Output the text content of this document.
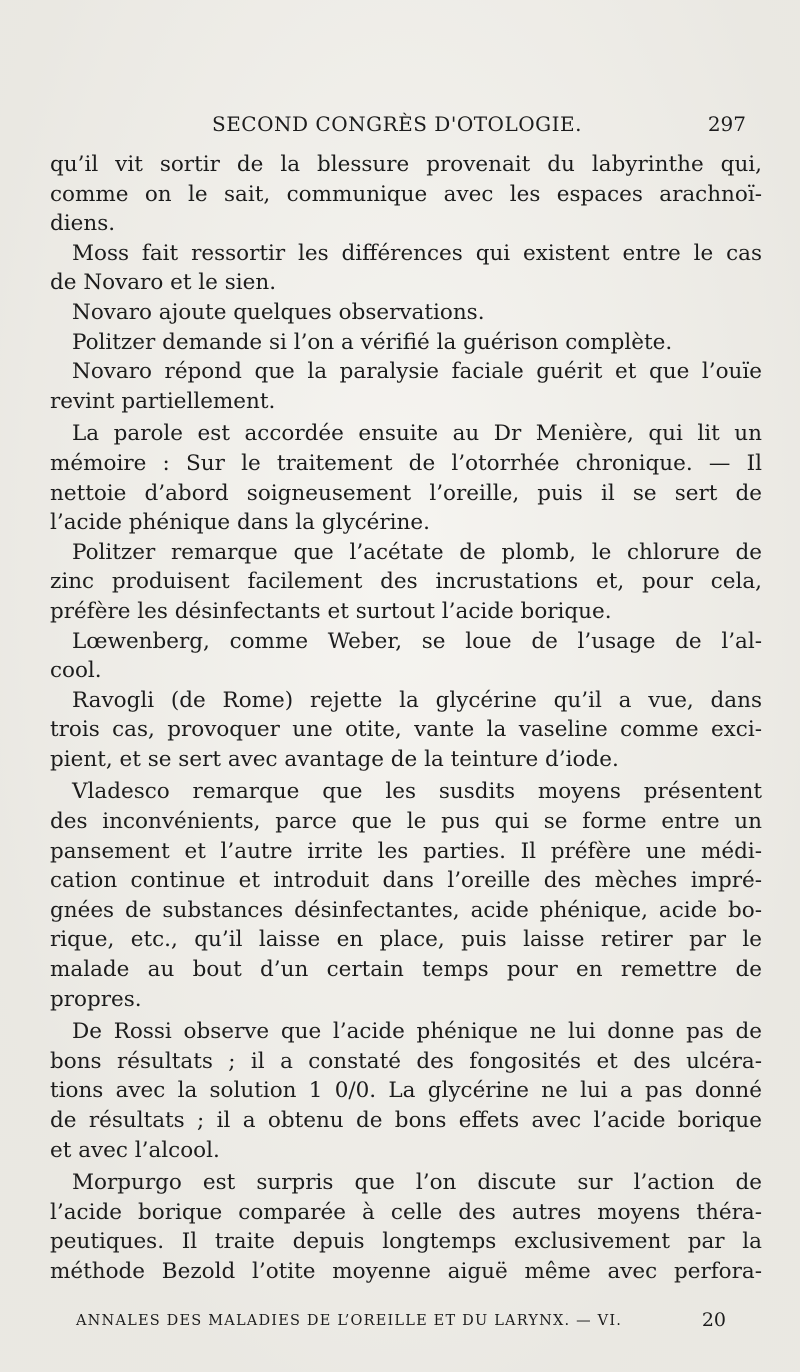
SECOND CONGRÈS D'OTOLOGIE.	297
qu’il vit sortir de la blessure provenait du labyrinthe qui,
comme on le sait, communique avec les espaces arachnoï-
diens.
Moss fait ressortir les différences qui existent entre le cas
de Novaro et le sien.
Novaro ajoute quelques observations.
Politzer demande si l’on a vérifié la guérison complète.
Novaro répond que la paralysie faciale guérit et que l’ouïe
revint partiellement.
La parole est accordée ensuite au Dr Menière, qui lit un
mémoire : Sur le traitement de l’otorrhée chronique. — Il
nettoie d’abord soigneusement l’oreille, puis il se sert de
l’acide phénique dans la glycérine.
Politzer remarque que l’acétate de plomb, le chlorure de
zinc produisent facilement des incrustations et, pour cela,
préfère les désinfectants et surtout l’acide borique.
Lœwenberg, comme Weber, se loue de l’usage de l’al-
cool.
Ravogli (de Rome) rejette la glycérine qu’il a vue, dans
trois cas, provoquer une otite, vante la vaseline comme exci-
pient, et se sert avec avantage de la teinture d’iode.
Vladesco remarque que les susdits moyens présentent
des inconvénients, parce que le pus qui se forme entre un
pansement et l’autre irrite les parties. Il préfère une médi-
cation continue et introduit dans l’oreille des mèches impré-
gnées de substances désinfectantes, acide phénique, acide bo-
rique, etc., qu’il laisse en place, puis laisse retirer par le
malade au bout d’un certain temps pour en remettre de
propres.
De Rossi observe que l’acide phénique ne lui donne pas de
bons résultats ; il a constaté des fongosités et des ulcéra-
tions avec la solution 1 0/0. La glycérine ne lui a pas donné
de résultats ; il a obtenu de bons effets avec l’acide borique
et avec l’alcool.
Morpurgo est surpris que l’on discute sur l’action de
l’acide borique comparée à celle des autres moyens théra-
peutiques. Il traite depuis longtemps exclusivement par la
méthode Bezold l’otite moyenne aiguë même avec perfora-
ANNALES DES MALADIES DE L’OREILLE ET DU LARYNX. — VI.	20
